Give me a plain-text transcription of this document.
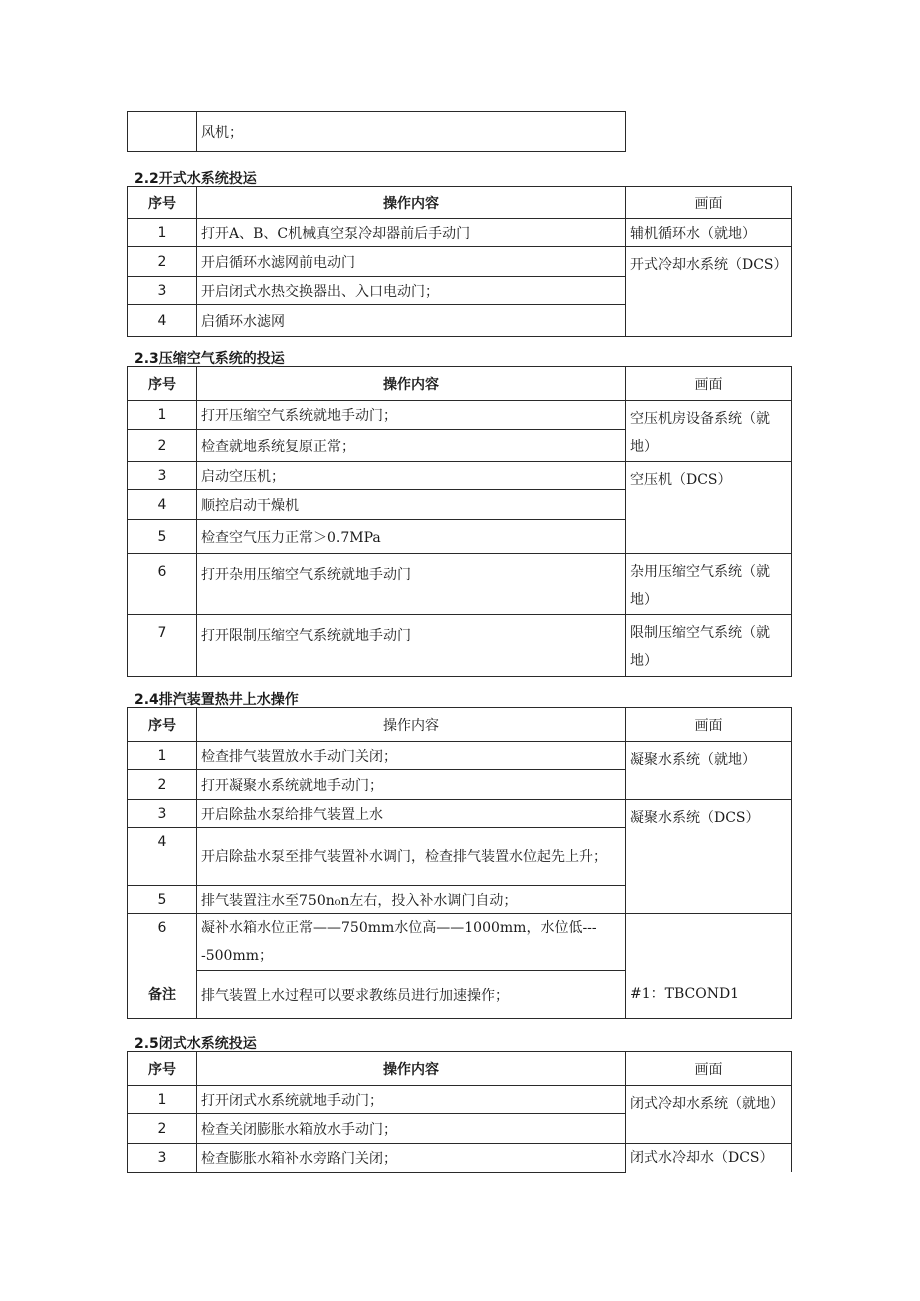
	风机；
2.2开式水系统投运
序号	操作内容	画面
1	打开A、B、C机械真空泵冷却器前后手动门	辅机循环水（就地）
2	开启循环水滤网前电动门	开式冷却水系统（DCS）
3	开启闭式水热交换器出、入口电动门；	
4	启循环水滤网	
2.3压缩空气系统的投运
序号	操作内容	画面
1	打开压缩空气系统就地手动门；	空压机房设备系统（就地）
2	检查就地系统复原正常；	
3	启动空压机；	空压机（DCS）
4	顺控启动干燥机	
5	检查空气压力正常＞0.7MPa	
6	打开杂用压缩空气系统就地手动门	杂用压缩空气系统（就地）
7	打开限制压缩空气系统就地手动门	限制压缩空气系统（就地）
2.4排汽装置热井上水操作
序号	操作内容	画面
1	检查排气装置放水手动门关闭；	凝聚水系统（就地）
2	打开凝聚水系统就地手动门；	
3	开启除盐水泵给排气装置上水	凝聚水系统（DCS）
4	开启除盐水泵至排气装置补水调门，检查排气装置水位起先上升；	
5	排气装置注水至750n₀n左右，投入补水调门自动；	
6	凝补水箱水位正常——750mm水位高——1000mm，水位低----500mm；	#1：TBCOND1
备注	排气装置上水过程可以要求教练员进行加速操作；	
2.5闭式水系统投运
序号	操作内容	画面
1	打开闭式水系统就地手动门；	闭式冷却水系统（就地）
2	检查关闭膨胀水箱放水手动门；	
3	检查膨胀水箱补水旁路门关闭；	闭式水冷却水（DCS）
